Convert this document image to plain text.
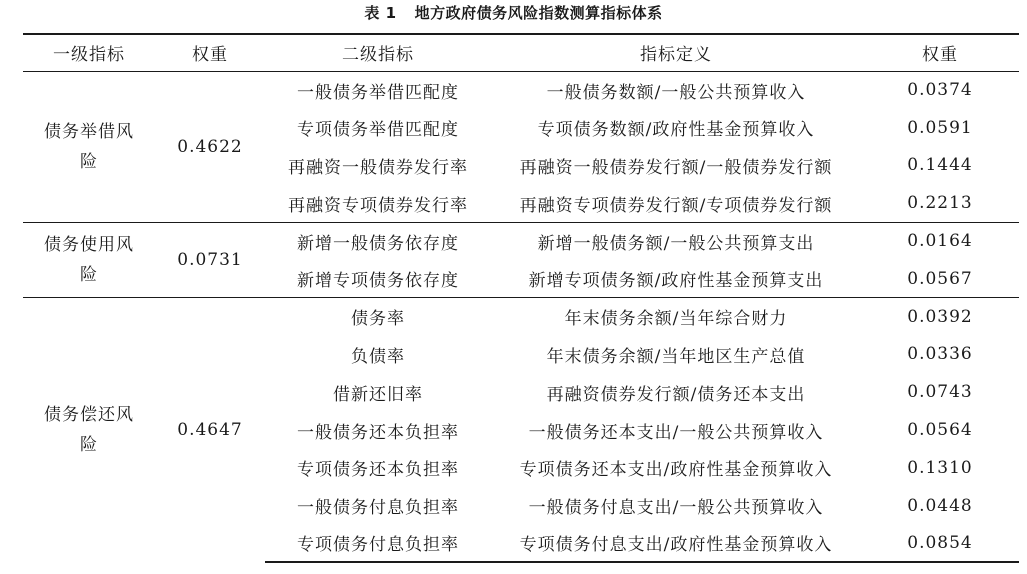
表 1 地方政府债务风险指数测算指标体系
一级指标	权重	二级指标	指标定义	权重
债务举借风险	0.4622	一般债务举借匹配度	一般债务数额/一般公共预算收入	0.0374
		专项债务举借匹配度	专项债务数额/政府性基金预算收入	0.0591
		再融资一般债券发行率	再融资一般债券发行额/一般债券发行额	0.1444
		再融资专项债券发行率	再融资专项债券发行额/专项债券发行额	0.2213
债务使用风险	0.0731	新增一般债务依存度	新增一般债务额/一般公共预算支出	0.0164
		新增专项债务依存度	新增专项债务额/政府性基金预算支出	0.0567
债务偿还风险	0.4647	债务率	年末债务余额/当年综合财力	0.0392
		负债率	年末债务余额/当年地区生产总值	0.0336
		借新还旧率	再融资债券发行额/债务还本支出	0.0743
		一般债务还本负担率	一般债务还本支出/一般公共预算收入	0.0564
		专项债务还本负担率	专项债务还本支出/政府性基金预算收入	0.1310
		一般债务付息负担率	一般债务付息支出/一般公共预算收入	0.0448
		专项债务付息负担率	专项债务付息支出/政府性基金预算收入	0.0854
